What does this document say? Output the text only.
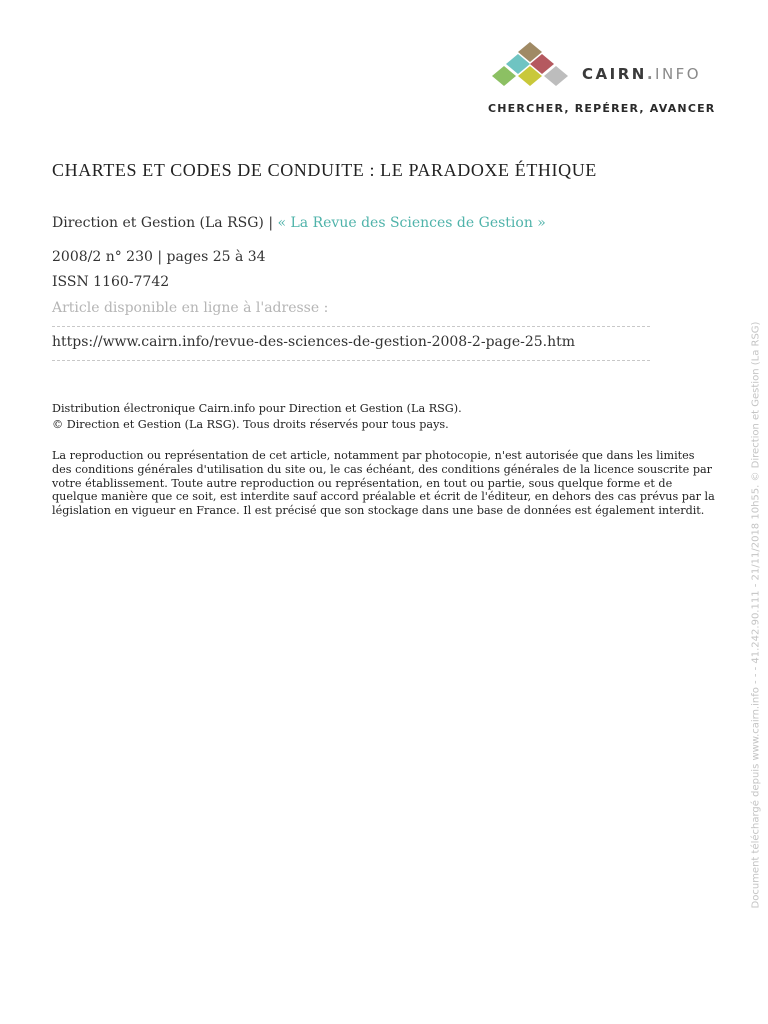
CAIRN.INFO
CHERCHER, REPÉRER, AVANCER
CHARTES ET CODES DE CONDUITE : LE PARADOXE ÉTHIQUE
Direction et Gestion (La RSG) | « La Revue des Sciences de Gestion »
2008/2 n° 230 | pages 25 à 34
ISSN 1160-7742
Article disponible en ligne à l'adresse :
https://www.cairn.info/revue-des-sciences-de-gestion-2008-2-page-25.htm
Distribution électronique Cairn.info pour Direction et Gestion (La RSG).
© Direction et Gestion (La RSG). Tous droits réservés pour tous pays.
La reproduction ou représentation de cet article, notamment par photocopie, n'est autorisée que dans les limites des conditions générales d'utilisation du site ou, le cas échéant, des conditions générales de la licence souscrite par votre établissement. Toute autre reproduction ou représentation, en tout ou partie, sous quelque forme et de quelque manière que ce soit, est interdite sauf accord préalable et écrit de l'éditeur, en dehors des cas prévus par la législation en vigueur en France. Il est précisé que son stockage dans une base de données est également interdit.	Document téléchargé depuis www.cairn.info - - - 41.242.90.111 - 21/11/2018 10h55. © Direction et Gestion (La RSG)
